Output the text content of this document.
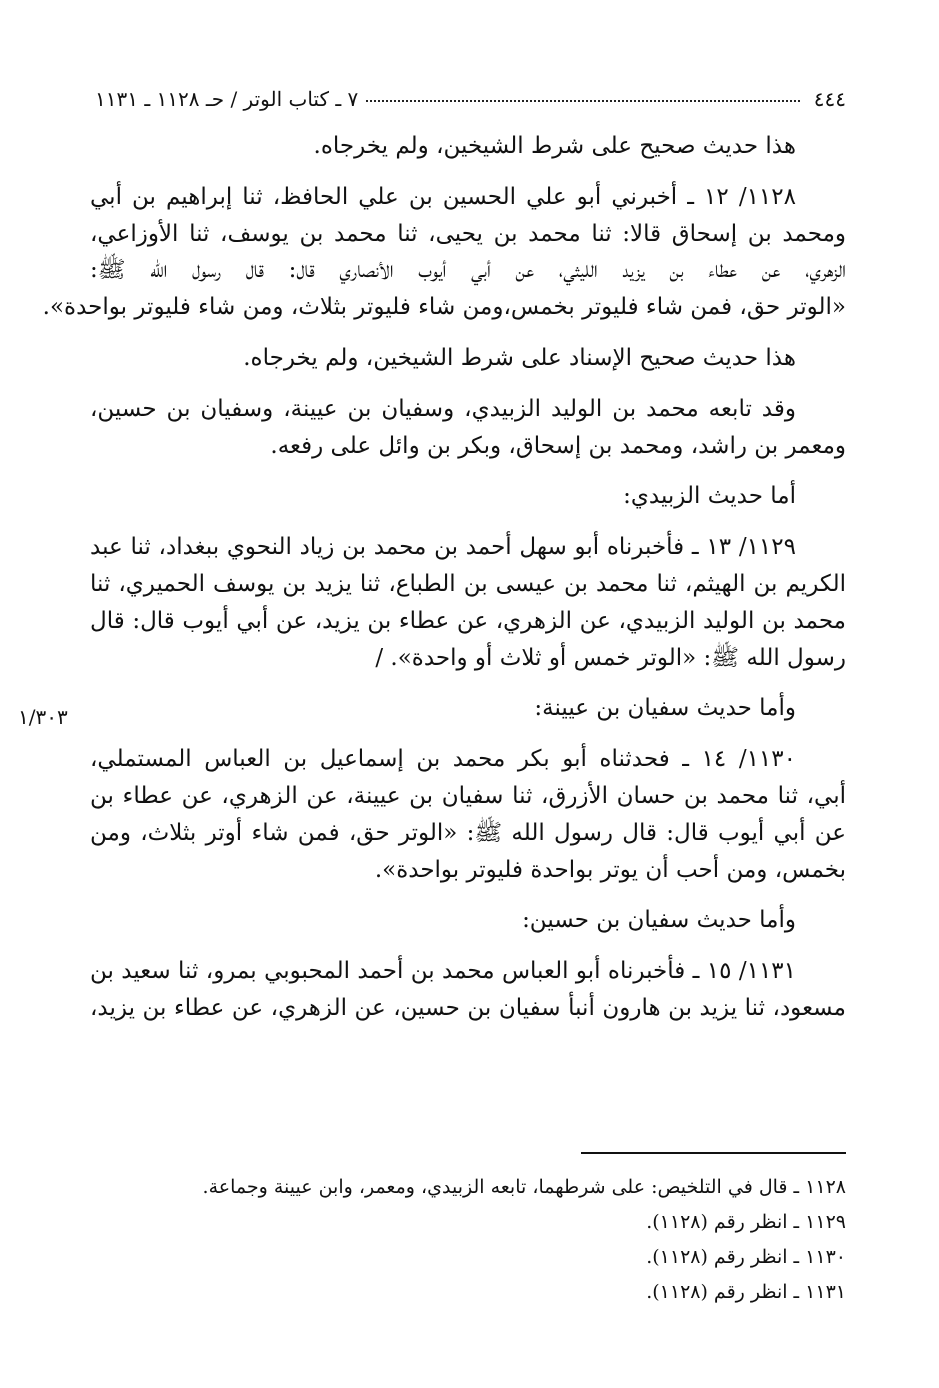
٤٤٤
٧ ـ كتاب الوتر / حـ ١١٢٨ ـ ١١٣١
هذا حديث صحيح على شرط الشيخين، ولم يخرجاه.
١١٢٨/ ١٢ ـ أخبرني أبو علي الحسين بن علي الحافظ، ثنا إبراهيم بن أبي
ومحمد بن إسحاق قالا: ثنا محمد بن يحيى، ثنا محمد بن يوسف، ثنا الأوزاعي،
الزهري، عن عطاء بن يزيد الليثي، عن أبي أيوب الأنصاري قال: قال رسول الله ﷺ:
«الوتر حق، فمن شاء فليوتر بخمس،ومن شاء فليوتر بثلاث، ومن شاء فليوتر بواحدة».
هذا حديث صحيح الإسناد على شرط الشيخين، ولم يخرجاه.
وقد تابعه محمد بن الوليد الزبيدي، وسفيان بن عيينة، وسفيان بن حسين،
ومعمر بن راشد، ومحمد بن إسحاق، وبكر بن وائل على رفعه.
أما حديث الزبيدي:
١١٢٩/ ١٣ ـ فأخبرناه أبو سهل أحمد بن محمد بن زياد النحوي ببغداد، ثنا عبد
الكريم بن الهيثم، ثنا محمد بن عيسى بن الطباع، ثنا يزيد بن يوسف الحميري، ثنا
محمد بن الوليد الزبيدي، عن الزهري، عن عطاء بن يزيد، عن أبي أيوب قال: قال
رسول الله ﷺ: «الوتر خمس أو ثلاث أو واحدة». /
وأما حديث سفيان بن عيينة:
١١٣٠/ ١٤ ـ فحدثناه أبو بكر محمد بن إسماعيل بن العباس المستملي،
أبي، ثنا محمد بن حسان الأزرق، ثنا سفيان بن عيينة، عن الزهري، عن عطاء بن
عن أبي أيوب قال: قال رسول الله ﷺ: «الوتر حق، فمن شاء أوتر بثلاث، ومن
بخمس، ومن أحب أن يوتر بواحدة فليوتر بواحدة».
وأما حديث سفيان بن حسين:
١١٣١/ ١٥ ـ فأخبرناه أبو العباس محمد بن أحمد المحبوبي بمرو، ثنا سعيد بن
مسعود، ثنا يزيد بن هارون أنبأ سفيان بن حسين، عن الزهري، عن عطاء بن يزيد،
١/٣٠٣
١١٢٨ ـ قال في التلخيص: على شرطهما، تابعه الزبيدي، ومعمر، وابن عيينة وجماعة.
١١٢٩ ـ انظر رقم (١١٢٨).
١١٣٠ ـ انظر رقم (١١٢٨).
١١٣١ ـ انظر رقم (١١٢٨).
